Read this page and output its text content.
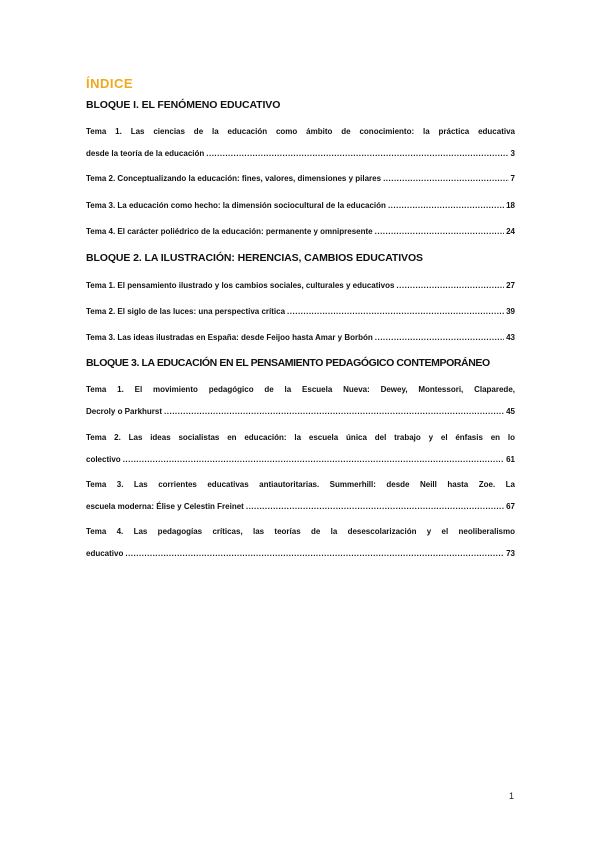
ÍNDICE
BLOQUE I. EL FENÓMENO EDUCATIVO
Tema 1. Las ciencias de la educación como ámbito de conocimiento: la práctica educativa
desde la teoría de la educación .....	3
Tema 2. Conceptualizando la educación: fines, valores, dimensiones y pilares .....	7
Tema 3. La educación como hecho: la dimensión sociocultural de la educación .....	18
Tema 4. El carácter poliédrico de la educación: permanente y omnipresente .....	24
BLOQUE 2. LA ILUSTRACIÓN: HERENCIAS, CAMBIOS EDUCATIVOS
Tema 1. El pensamiento ilustrado y los cambios sociales, culturales y educativos .....	27
Tema 2. El siglo de las luces: una perspectiva crítica .....	39
Tema 3. Las ideas ilustradas en España: desde Feijoo hasta Amar y Borbón .....	43
BLOQUE 3. LA EDUCACIÓN EN EL PENSAMIENTO PEDAGÓGICO CONTEMPORÁNEO
Tema 1. El movimiento pedagógico de la Escuela Nueva: Dewey, Montessori, Claparede,
Decroly o Parkhurst .....	45
Tema 2. Las ideas socialistas en educación: la escuela única del trabajo y el énfasis en lo
colectivo .....	61
Tema 3. Las corrientes educativas antiautoritarias. Summerhill: desde Neill hasta Zoe. La
escuela moderna: Élise y Celestin Freinet .....	67
Tema 4. Las pedagogías críticas, las teorías de la desescolarización y el neoliberalismo
educativo .....	73
1
